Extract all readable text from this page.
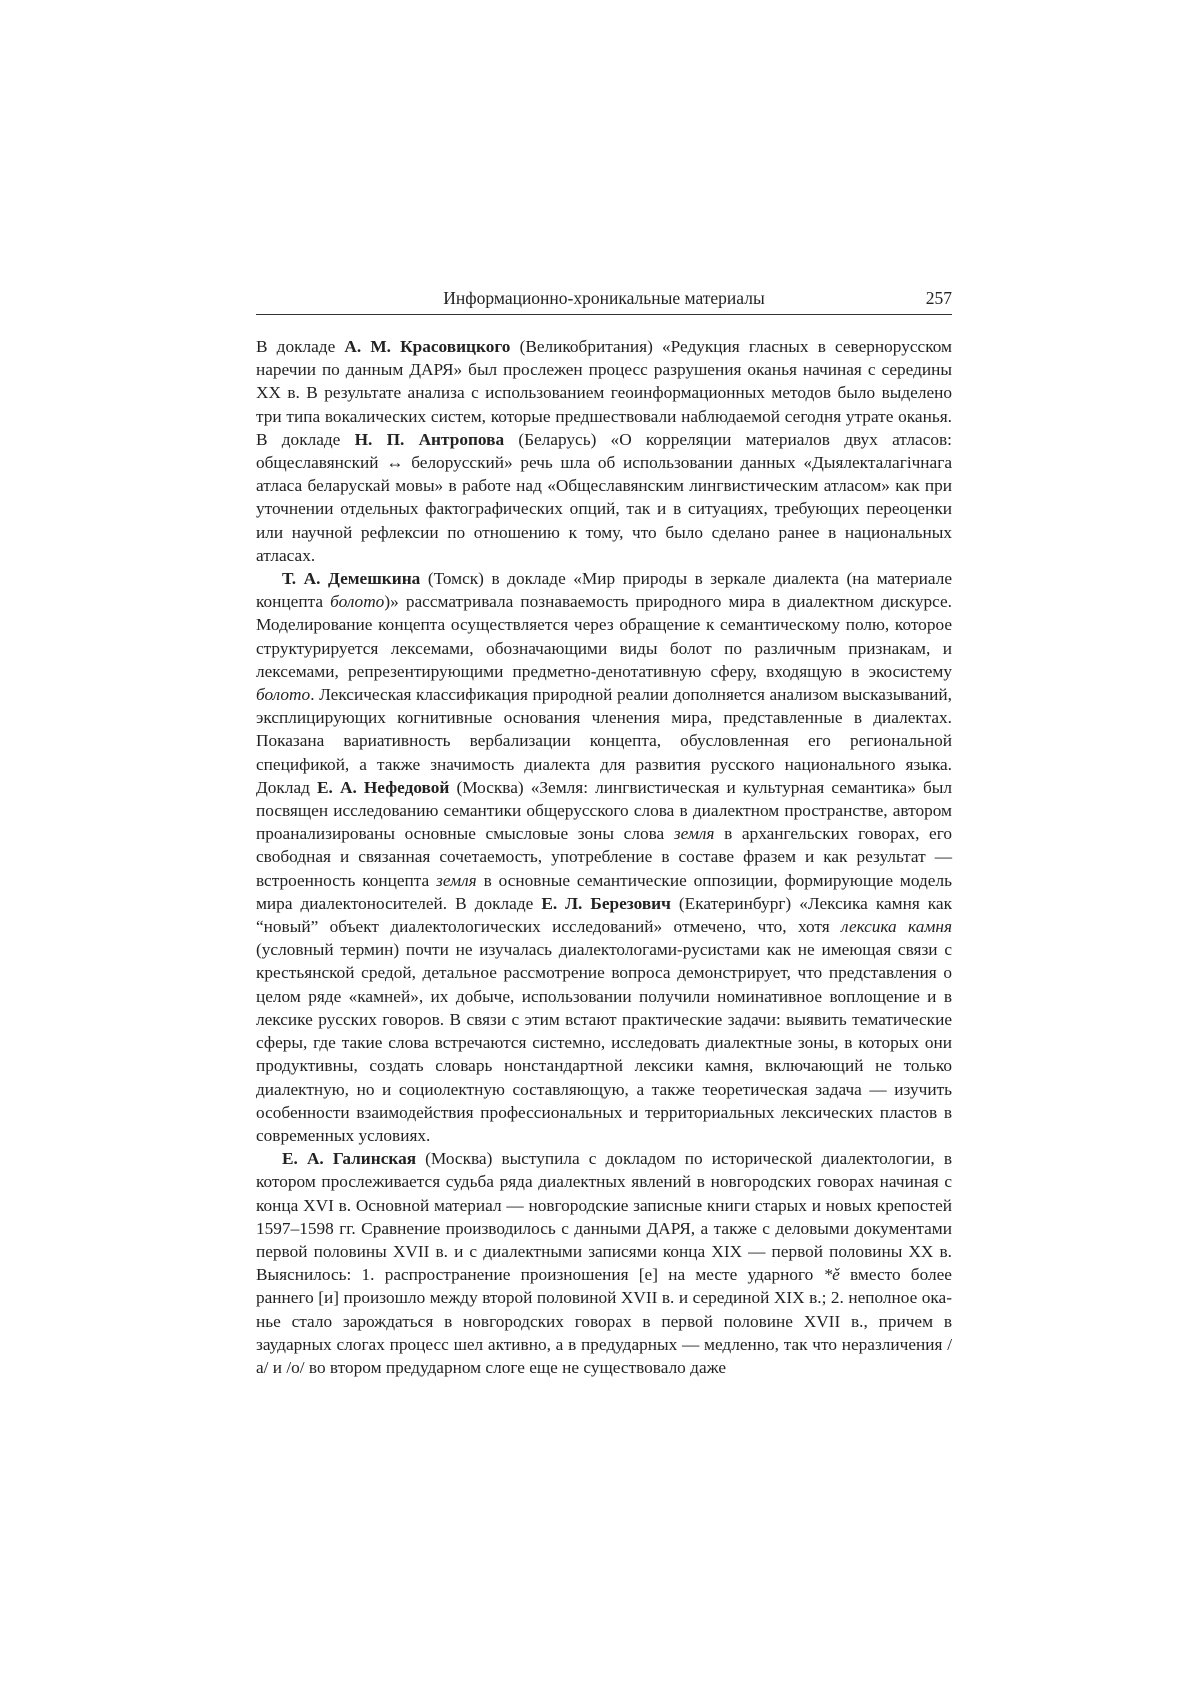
Информационно-хроникальные материалы	257

В докладе А. М. Красовицкого (Великобритания) «Редукция гласных в севернорусском наречии по данным ДАРЯ» был прослежен процесс разрушения оканья начиная с середины XX в. В результате анализа с использованием геоинформационных методов было выделено три типа вокалических систем, которые предшествовали наблюдаемой сегодня утрате оканья. В докладе Н. П. Антропова (Беларусь) «О корреляции материалов двух атласов: общеславянский ↔ белорусский» речь шла об использовании данных «Дыялекталагiчнага атласа беларускай мовы» в работе над «Общеславянским лингвистическим атласом» как при уточнении отдельных фактографических опций, так и в ситуациях, требующих переоценки или научной рефлексии по отношению к тому, что было сделано ранее в национальных атласах.

Т. А. Демешкина (Томск) в докладе «Мир природы в зеркале диалекта (на материале концепта болото)» рассматривала познаваемость природного мира в диалектном дискурсе. Моделирование концепта осуществляется через обращение к семантическому полю, которое структурируется лексемами, обозначающими виды болот по различным признакам, и лексемами, репрезентирующими предметно-денотативную сферу, входящую в экосистему болото. Лексическая классификация природной реалии дополняется анализом высказываний, эксплицирующих когнитивные основания членения мира, представленные в диалектах. Показана вариативность вербализации концепта, обусловленная его региональной спецификой, а также значимость диалекта для развития русского национального языка. Доклад Е. А. Нефедовой (Москва) «Земля: лингвистическая и культурная семантика» был посвящен исследованию семантики общерусского слова в диалектном пространстве, автором проанализированы основные смысловые зоны слова земля в архангельских говорах, его свободная и связанная сочетаемость, употребление в составе фразем и как результат — встроенность концепта земля в основные семантические оппозиции, формирующие модель мира диалектоносителей. В докладе Е. Л. Березович (Екатеринбург) «Лексика камня как “новый” объект диалектологических исследований» отмечено, что, хотя лексика камня (условный термин) почти не изучалась диалектологами-русистами как не имеющая связи с крестьянской средой, детальное рассмотрение вопроса демонстрирует, что представления о целом ряде «камней», их добыче, использовании получили номинативное воплощение и в лексике русских говоров. В связи с этим встают практические задачи: выявить тематические сферы, где такие слова встречаются системно, исследовать диалектные зоны, в которых они продуктивны, создать словарь нонстандартной лексики камня, включающий не только диалектную, но и социолектную составляющую, а также теоретическая задача — изучить особенности взаимодействия профессиональных и территориальных лексических пластов в современных условиях.

Е. А. Галинская (Москва) выступила с докладом по исторической диалектологии, в котором прослеживается судьба ряда диалектных явлений в новгородских говорах начиная с конца XVI в. Основной материал — новгородские записные книги старых и новых крепостей 1597–1598 гг. Сравнение производилось с данными ДАРЯ, а также с деловыми документами первой половины XVII в. и с диалектными записями конца XIX — первой половины XX в. Выяснилось: 1. распространение произношения [е] на месте ударного *ě вместо более раннего [и] произошло между второй половиной XVII в. и серединой XIX в.; 2. неполное оканье стало зарождаться в новгородских говорах в первой половине XVII в., причем в заударных слогах процесс шел активно, а в предударных — медленно, так что неразличения /а/ и /о/ во втором предударном слоге еще не существовало даже
